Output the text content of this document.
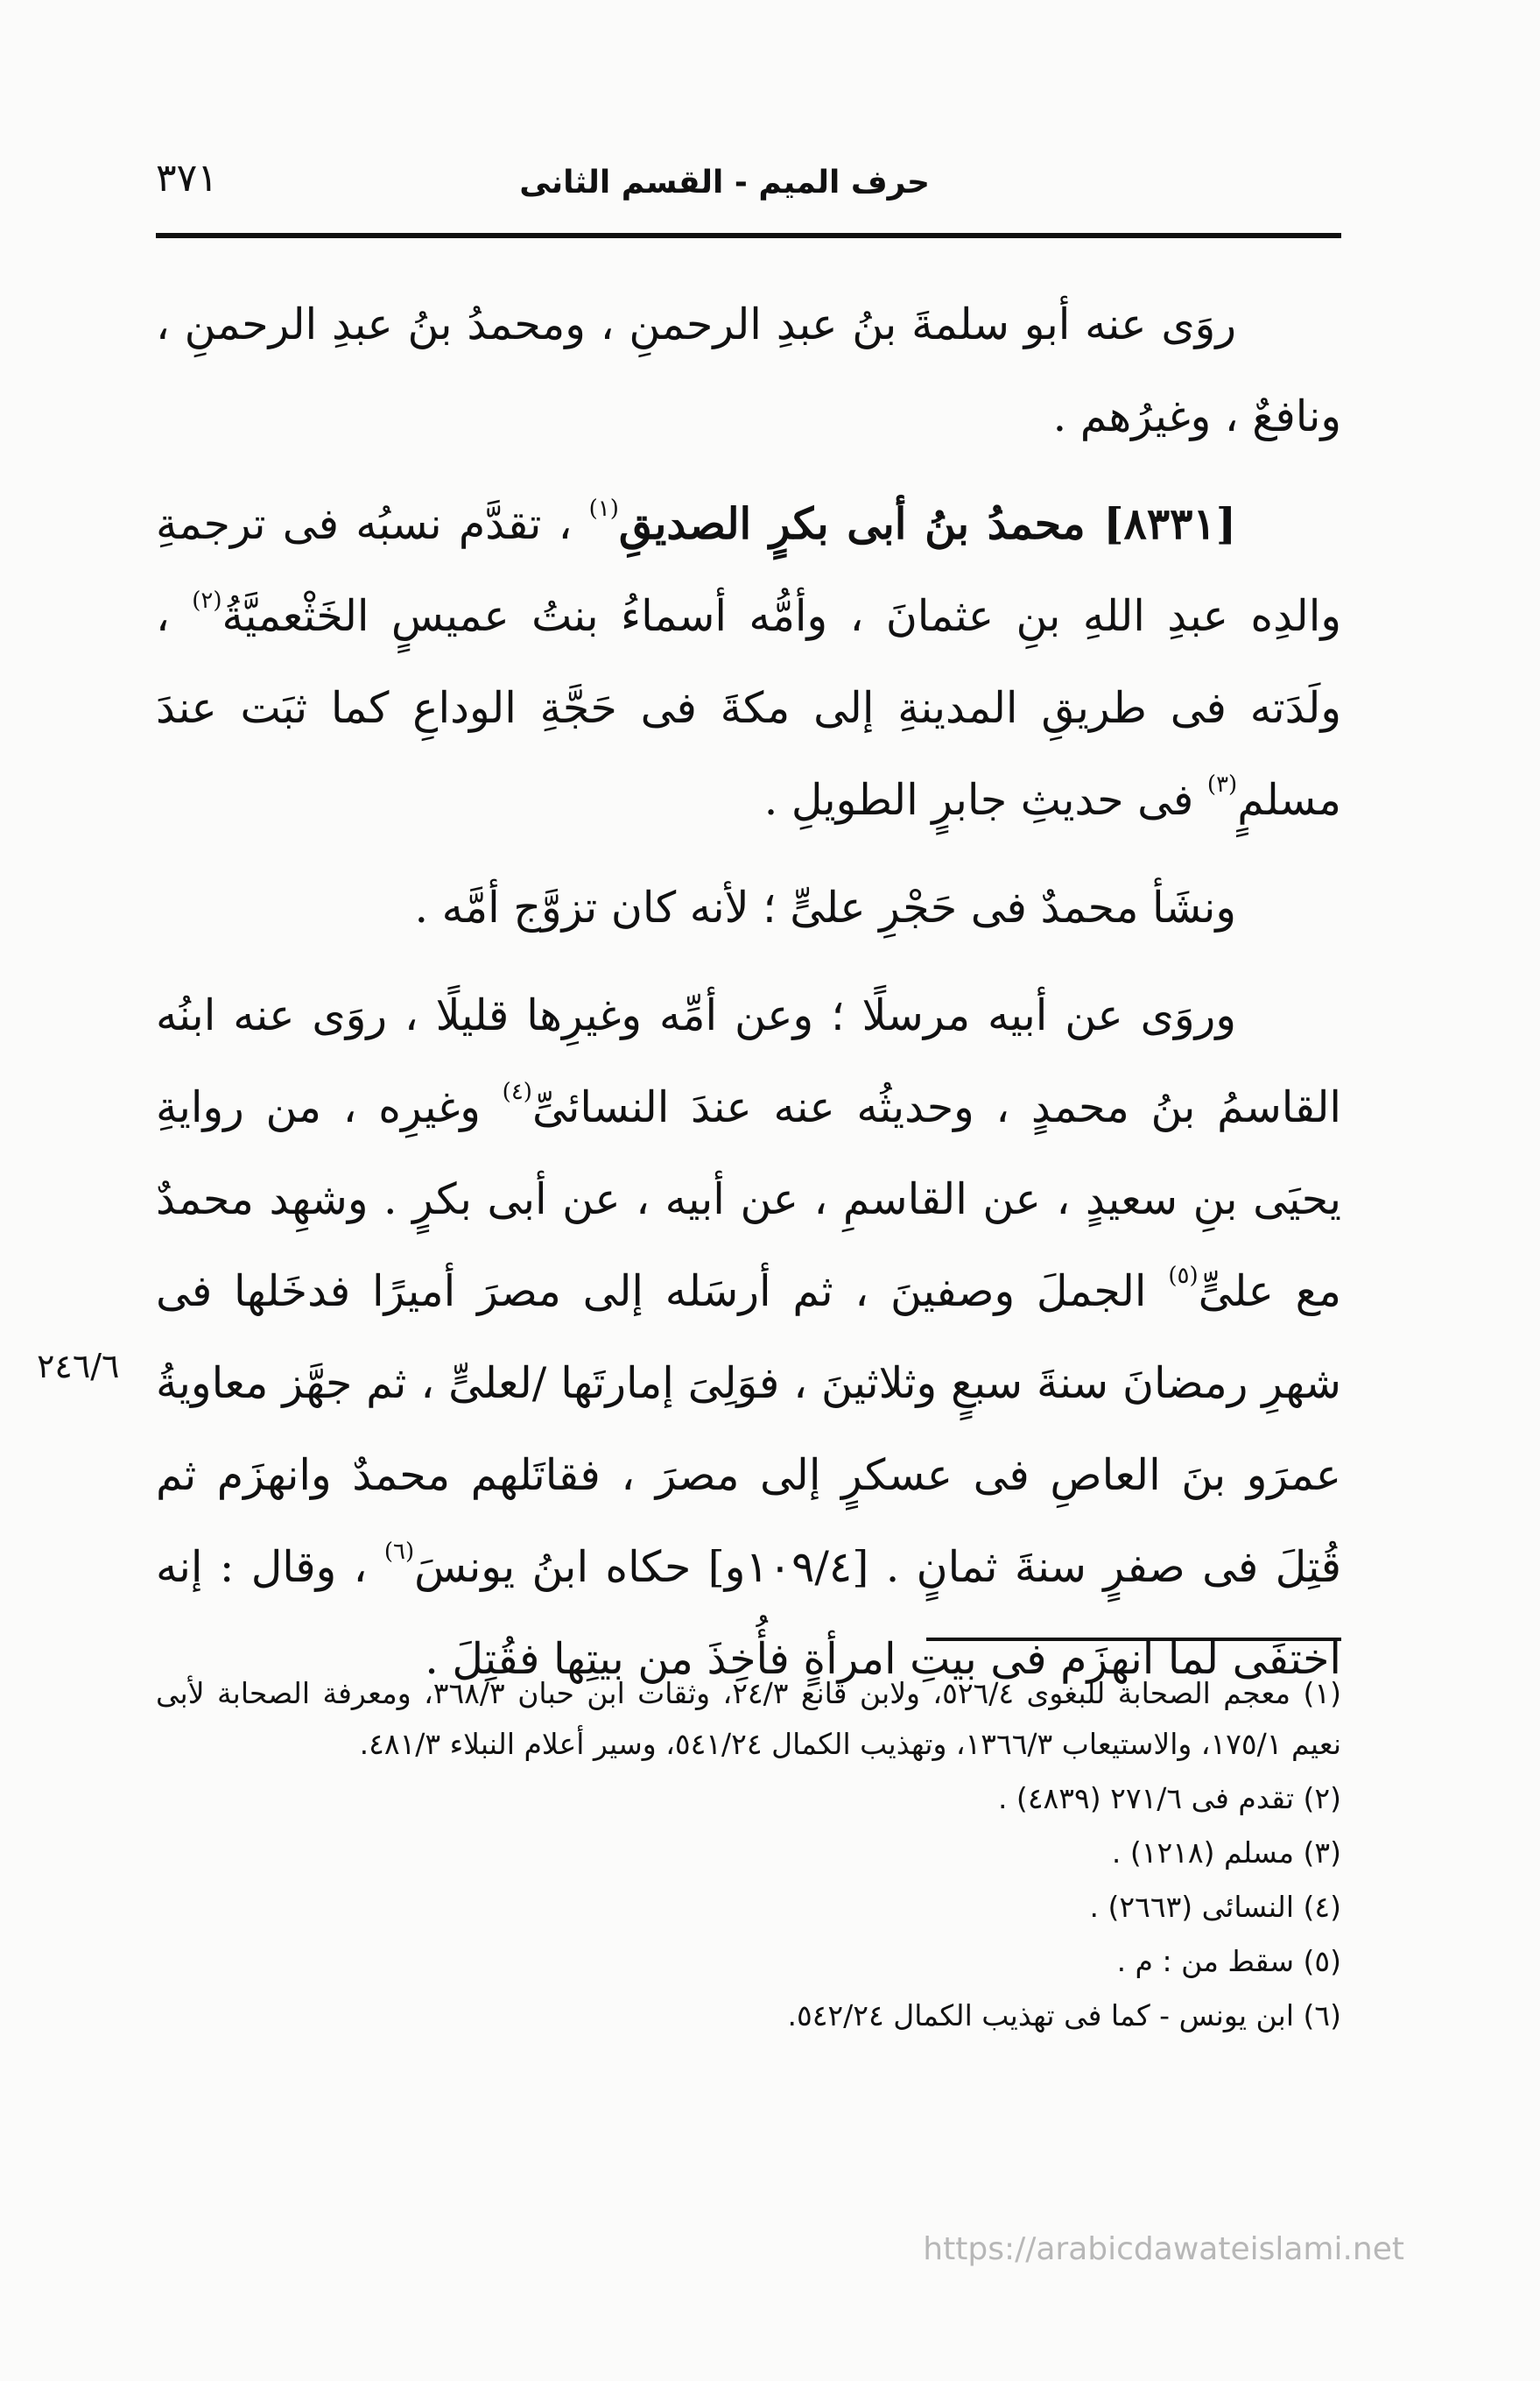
حرف الميم - القسم الثانى
٣٧١

روَى عنه أبو سلمةَ بنُ عبدِ الرحمنِ ، ومحمدُ بنُ عبدِ الرحمنِ ، ونافعٌ ، وغيرُهم .

[٨٣٣١] محمدُ بنُ أبى بكرٍ الصديقِ$^{(١)}$ ، تقدَّم نسبُه فى ترجمةِ والدِه عبدِ اللهِ بنِ عثمانَ ، وأمُّه أسماءُ بنتُ عميسٍ الخَثْعميَّةُ$^{(٢)}$ ، ولَدَته فى طريقِ المدينةِ إلى مكةَ فى حَجَّةِ الوداعِ كما ثبَت عندَ مسلمٍ$^{(٣)}$ فى حديثِ جابرٍ الطويلِ .

ونشَأ محمدٌ فى حَجْرِ علىٍّ ؛ لأنه كان تزوَّج أمَّه .

وروَى عن أبيه مرسلًا ؛ وعن أمِّه وغيرِها قليلًا ، روَى عنه ابنُه القاسمُ بنُ محمدٍ ، وحديثُه عنه عندَ النسائىِّ$^{(٤)}$ وغيرِه ، من روايةِ يحيَى بنِ سعيدٍ ، عن القاسمِ ، عن أبيه ، عن أبى بكرٍ . وشهِد محمدٌ مع علىٍّ$^{(٥)}$ الجملَ وصفينَ ، ثم أرسَله إلى مصرَ أميرًا فدخَلها فى شهرِ رمضانَ سنةَ سبعٍ وثلاثينَ ، فوَلِىَ إمارتَها /لعلىٍّ ، ثم جهَّز معاويةُ عمرَو بنَ العاصِ فى عسكرٍ إلى مصرَ ، فقاتَلهم محمدٌ وانهزَم ثم قُتِلَ فى صفرٍ سنةَ ثمانٍ . [١٠٩/٤و] حكاه ابنُ يونسَ$^{(٦)}$ ، وقال : إنه اختفَى لما انهزَم فى بيتِ امرأةٍ فأُخِذَ من بيتِها فقُتِلَ .

٢٤٦/٦

(١) معجم الصحابة للبغوى ٥٢٦/٤، ولابن قانع ٢٤/٣، وثقات ابن حبان ٣٦٨/٣، ومعرفة الصحابة لأبى نعيم ١٧٥/١، والاستيعاب ١٣٦٦/٣، وتهذيب الكمال ٥٤١/٢٤، وسير أعلام النبلاء ٤٨١/٣.

(٢) تقدم فى ٢٧١/٦ (٤٨٣٩) .

(٣) مسلم (١٢١٨) .

(٤) النسائى (٢٦٦٣) .

(٥) سقط من : م .

(٦) ابن يونس - كما فى تهذيب الكمال ٥٤٢/٢٤.

https://arabicdawateislami.net
